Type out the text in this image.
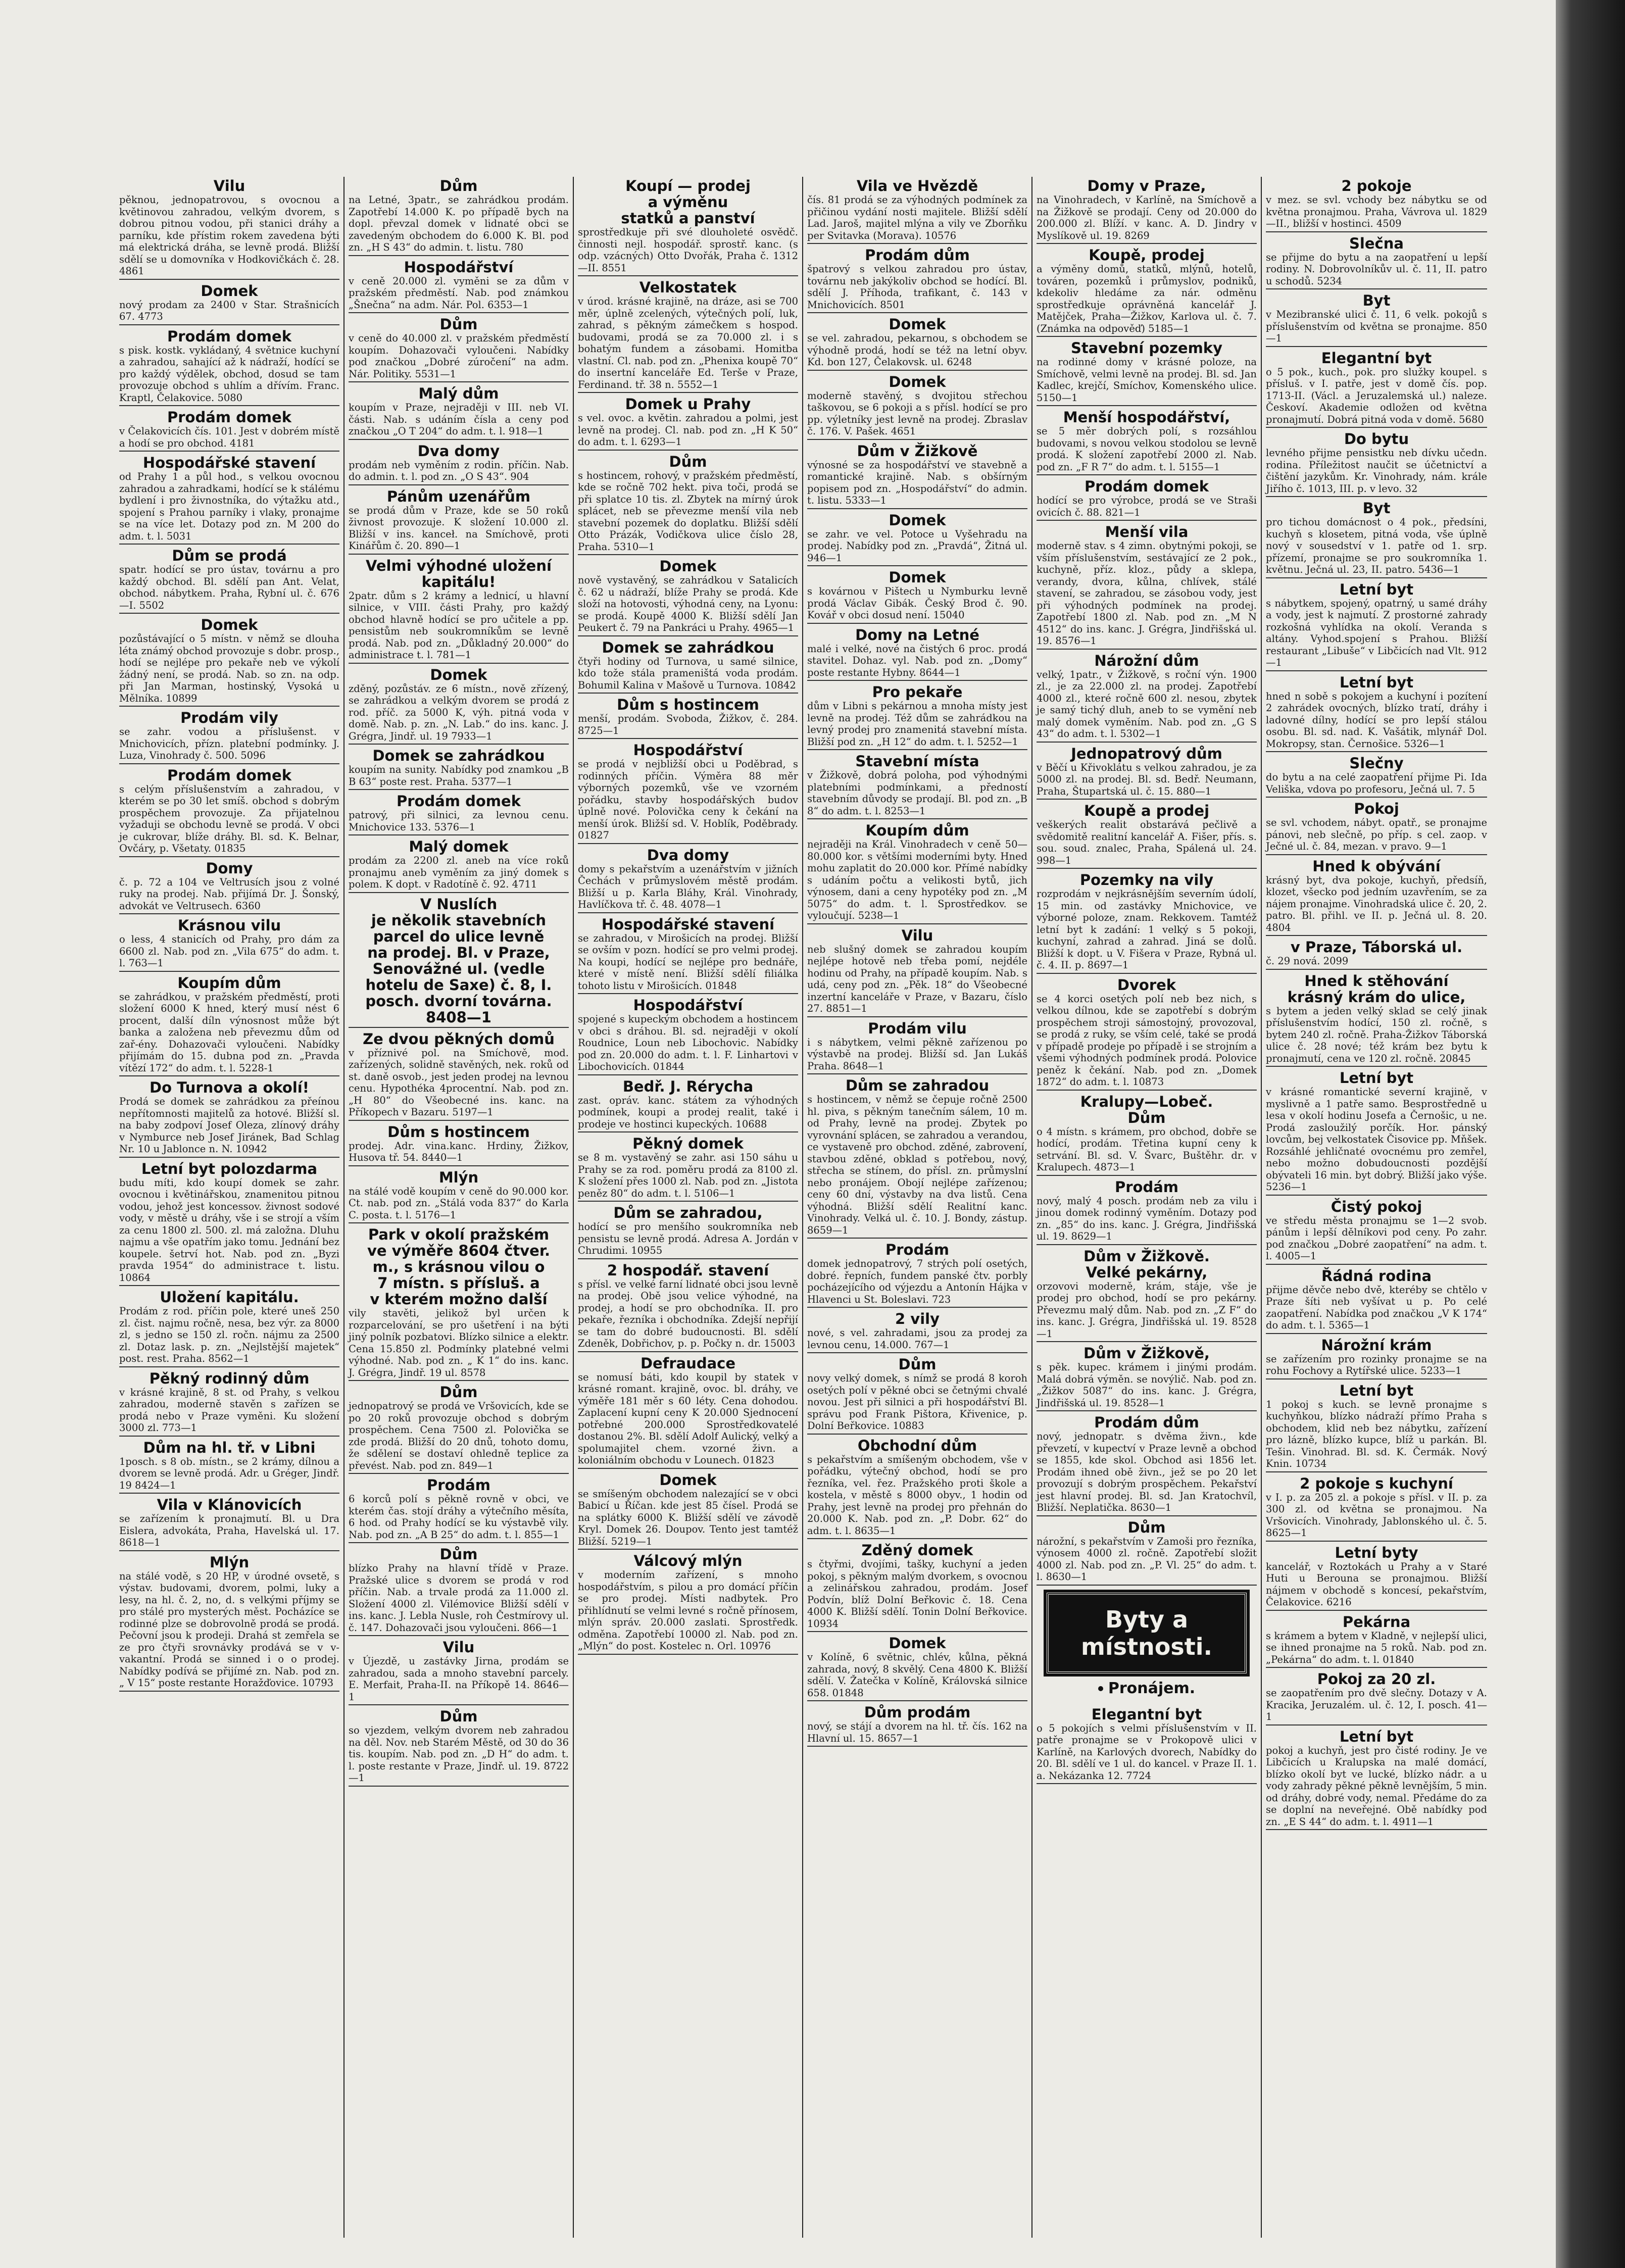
Vilu

pěknou, jednopatrovou, s ovocnou a květinovou zahradou, velkým dvorem, s dobrou pitnou vodou, při stanici dráhy a parníku, kde přístim rokem zavedena býti má elektrická dráha, se levně prodá. Bližší sdělí se u domovníka v Hodkovičkách č. 28. 4861

Domek

nový prodam za 2400 v Star. Strašnicích 67. 4773

Prodám domek

s pisk. kostk. vykládaný, 4 světnice kuchyní a zahradou, sahající až k nádraží, hodící se pro každý výdělek, obchod, dosud se tam provozuje obchod s uhlím a dřívím. Franc. Kraptl, Čelakovice. 5080

Prodám domek

v Čelakovicích čís. 101. Jest v dobrém místě a hodí se pro obchod. 4181

Hospodářské stavení

od Prahy 1 a půl hod., s velkou ovocnou zahradou a zahradkami, hodící se k stálému bydlení i pro živnostníka, do výtažku atd., spojení s Prahou parníky i vlaky, pronajme se na více let. Dotazy pod zn. M 200 do adm. t. l. 5031

Dům se prodá

spatr. hodící se pro ústav, továrnu a pro každý obchod. Bl. sdělí pan Ant. Velat, obchod. nábytkem. Praha, Rybní ul. č. 676—I. 5502

Domek

pozůstávající o 5 místn. v němž se dlouha léta známý obchod provozuje s dobr. prosp., hodí se nejlépe pro pekaře neb ve výkolí žádný není, se prodá. Nab. so zn. na odp. při Jan Marman, hostinský, Vysoká u Mělníka. 10899

Prodám vily

se zahr. vodou a příslušenst. v Mnichovicích, přízn. platební podmínky. J. Luza, Vinohrady č. 500. 5096

Prodám domek

s celým příslušenstvím a zahradou, v kterém se po 30 let smíš. obchod s dobrým prospěchem provozuje. Za přijatelnou vyžaduji se obchodu levně se prodá. V obci je cukrovar, blíže dráhy. Bl. sd. K. Belnar, Ovčáry, p. Všetaty. 01835

Domy

č. p. 72 a 104 ve Veltrusích jsou z volné ruky na prodej. Nab. přijímá Dr. J. Šonský, advokát ve Veltrusech. 6360

Krásnou vilu

o less, 4 stanicích od Prahy, pro dám za 6600 zl. Nab. pod zn. „Vila 675“ do adm. t. l. 763—1

Koupím dům

se zahrádkou, v pražském předměstí, proti složení 6000 K hned, který musí nést 6 procent, další díln výnosnost může být banka a založena neb převezmu dům od zař-ény. Dohazovači vyloučeni. Nabídky přijímám do 15. dubna pod zn. „Pravda vítězí 172“ do adm. t. l. 5228-1

Do Turnova a okolí!

Prodá se domek se zahrádkou za přeínou nepřítomnosti majitelů za hotové. Bližší sl. na baby zodpoví Josef Oleza, zlínový dráhy v Nymburce neb Josef Jiránek, Bad Schlag Nr. 10 u Jablonce n. N. 10942

Letní byt polozdarma

budu míti, kdo koupí domek se zahr. ovocnou i květinářskou, znamenitou pitnou vodou, jehož jest koncessov. živnost sodové vody, v městě u dráhy, vše i se strojí a vším za cenu 1800 zl. 500. zl. má založna. Dluhu najmu a vše opatřím jako tomu. Jednání bez koupele. šetrví hot. Nab. pod zn. „Byzi pravda 1954“ do administrace t. listu. 10864

Uložení kapitálu.

Prodám z rod. příčin pole, které uneš 250 zl. čist. najmu ročně, nesa, bez výr. za 8000 zl, s jedno se 150 zl. ročn. nájmu za 2500 zl. Dotaz lask. p. zn. „Nejlstější majetek“ post. rest. Praha. 8562—1

Pěkný rodinný dům

v krásné krajině, 8 st. od Prahy, s velkou zahradou, moderně stavěn s zařízen se prodá nebo v Praze vyměni. Ku složení 3000 zl. 773—1

Dům na hl. tř. v Libni

1posch. s 8 ob. místn., se 2 krámy, dílnou a dvorem se levně prodá. Adr. u Gréger, Jindř. 19 8424—1

Vila v Klánovicích

se zařízením k pronajmutí. Bl. u Dra Eislera, advokáta, Praha, Havelská ul. 17. 8618—1

Mlýn

na stálé vodě, s 20 HP, v úrodné ovsetě, s výstav. budovami, dvorem, polmi, luky a lesy, na hl. č. 2, no, d. s velkými příjmy se pro stálé pro mysterých měst. Pocházíce se rodinné plze se dobrovolně prodá se prodá. Pečovní jsou k prodeji. Drahá st zemřela se ze pro čtyři srovnávky prodává se v v- vakantní. Prodá se sinned i o o prodej. Nabídky podívá se přijímé zn. Nab. pod zn. „ V 15“ poste restante Horažďovice. 10793

Dům

na Letné, 3patr., se zahrádkou prodám. Zapotřebí 14.000 K. po případě bych na dopl. převzal domek v lidnaté obci se zavedeným obchodem do 6.000 K. Bl. pod zn. „H S 43“ do admin. t. listu. 780

Hospodářství

v ceně 20.000 zl. vyměni se za dům v pražském předměstí. Nab. pod známkou „Šnečna“ na adm. Nár. Pol. 6353—1

Dům

v ceně do 40.000 zl. v pražském předměstí koupím. Dohazovači vyloučeni. Nabídky pod značkou „Dobré zúročení“ na adm. Nár. Politiky. 5531—1

Malý dům

koupím v Praze, nejraději v III. neb VI. části. Nab. s udáním čísla a ceny pod značkou „O T 204“ do adm. t. l. 918—1

Dva domy

prodám neb vyměním z rodin. příčin. Nab. do admin. t. l. pod zn. „O S 43“. 904

Pánům uzenářům

se prodá dům v Praze, kde se 50 roků živnost provozuje. K složení 10.000 zl. Bližší v ins. kanceł. na Smíchově, proti Kinářům č. 20. 890—1

Velmi výhodné uložení kapitálu!

2patr. dům s 2 krámy a lednicí, u hlavní silnice, v VIII. části Prahy, pro každý obchod hlavně hodící se pro učitele a pp. pensistům neb soukromníkům se levně prodá. Nab. pod zn. „Důkladný 20.000“ do administrace t. l. 781—1

Domek

zděný, pozůstáv. ze 6 místn., nově zřízený, se zahrádkou a velkým dvorem se prodá z rod. příč. za 5000 K, výh. pitná voda v domě. Nab. p. zn. „N. Lab.“ do ins. kanc. J. Grégra, Jindř. ul. 19 7933—1

Domek se zahrádkou

koupím na sunity. Nabídky pod znamkou „B B 63“ poste rest. Praha. 5377—1

Prodám domek

patrový, při silnici, za levnou cenu. Mnichovice 133. 5376—1

Malý domek

prodám za 2200 zl. aneb na více roků pronajmu aneb vyměním za jiný domek s polem. K dopt. v Radotíně č. 92. 4711

V Nuslích
je několik stavebních
parcel do ulice levně
na prodej. Bl. v Praze,
Senovážné ul. (vedle
hotelu de Saxe) č. 8, I. posch. dvorní továrna. 8408—1
Ze dvou pěkných domů

v příznivé pol. na Smíchově, mod. zařízených, solidně stavěných, nek. roků od st. daně osvob., jest jeden prodej na levnou cenu. Hypothéka 4procentní. Nab. pod zn. „H 80“ do Všeobecné ins. kanc. na Příkopech v Bazaru. 5197—1

Dům s hostincem

prodej. Adr. vina.kanc. Hrdiny, Žižkov, Husova tř. 54. 8440—1

Mlýn

na stálé vodě koupím v ceně do 90.000 kor. Ct. nab. pod zn. „Stálá voda 837“ do Karla C. posta. t. l. 5176—1

Park v okolí pražském
ve výměře 8604 čtver.
m., s krásnou vilou o
7 místn. s přísluš. a
v kterém možno další

vily stavěti, jelikož byl určen k rozparcelování, se pro ušetření i na býti jiný polník pozbatovi. Blízko silnice a elektr. Cena 15.850 zl. Podmínky platebné velmi výhodné. Nab. pod zn. „ K 1“ do ins. kanc. J. Grégra, Jindř. 19 ul. 8578

Dům

jednopatrový se prodá ve Vršovicích, kde se po 20 roků provozuje obchod s dobrým prospěchem. Cena 7500 zl. Polovička se zde prodá. Bližší do 20 dnů, tohoto domu, že sdělení se dostaví ohledně teplice za převést. Nab. pod zn. 849—1

Prodám

6 korců polí s pěkně rovně v obci, ve kterém čas. stojí dráhy a výtečního měsíta, 6 hod. od Prahy hodící se ku výstavbě vily. Nab. pod zn. „A B 25“ do adm. t. l. 855—1

Dům

blízko Prahy na hlavní třídě v Praze. Pražské ulice s dvorem se prodá v rod příčin. Nab. a trvale prodá za 11.000 zl. Složení 4000 zl. Vilémovice Bližší sdělí v ins. kanc. J. Lebla Nusle, roh Čestmírovy ul. č. 147. Dohazovači jsou vyloučeni. 866—1

Vilu

v Újezdě, u zastávky Jirna, prodám se zahradou, sada a mnoho stavební parcely. E. Merfait, Praha-II. na Příkopě 14. 8646—1

Dům

so vjezdem, velkým dvorem neb zahradou na děl. Nov. neb Starém Městě, od 30 do 36 tis. koupím. Nab. pod zn. „D H“ do adm. t. l. poste restante v Praze, Jindř. ul. 19. 8722—1

Koupí — prodej
a výměnu
statků a panství

sprostředkuje při své dlouholeté osvědč. činnosti nejl. hospodář. sprostř. kanc. (s odp. vzácných) Otto Dvořák, Praha č. 1312—II. 8551

Velkostatek

v úrod. krásné krajině, na dráze, asi se 700 měr, úplně zcelených, výtečných polí, luk, zahrad, s pěkným zámečkem s hospod. budovami, prodá se za 70.000 zl. i s bohatým fundem a zásobami. Homitba vlastní. Cl. nab. pod zn. „Phenixa koupě 70“ do insertní kanceláře Ed. Terše v Praze, Ferdinand. tř. 38 n. 5552—1

Domek u Prahy

s vel. ovoc. a květin. zahradou a polmi, jest levně na prodej. Cl. nab. pod zn. „H K 50“ do adm. t. l. 6293—1

Dům

s hostincem, rohový, v pražském předměstí, kde se ročně 702 hekt. piva toči, prodá se při splatce 10 tis. zl. Zbytek na mírný úrok splácet, neb se převezme menší vila neb stavební pozemek do doplatku. Bližší sdělí Otto Prázák, Vodičkova ulice číslo 28, Praha. 5310—1

Domek

nově vystavěný, se zahrádkou v Satalicích č. 62 u nádraží, blíže Prahy se prodá. Kde složí na hotovosti, výhodná ceny, na Lyonu: se prodá. Koupě 4000 K. Bližší sdělí Jan Peukert č. 79 na Pankráci u Prahy. 4965—1

Domek se zahrádkou

čtyři hodiny od Turnova, u samé silnice, kdo tože stála prameništá voda prodám. Bohumil Kalina v Mašově u Turnova. 10842

Dům s hostincem

menší, prodám. Svoboda, Žižkov, č. 284. 8725—1

Hospodářství

se prodá v nejbližší obci u Poděbrad, s rodinných příčin. Výměra 88 měr výborných pozemků, vše ve vzorném pořádku, stavby hospodářských budov úplně nové. Polovička ceny k čekání na menší úrok. Bližší sd. V. Hoblík, Poděbrady. 01827

Dva domy

domy s pekařstvím a uzenářstvím v jižních Čechách v průmyslovém městě prodám. Bližší u p. Karla Bláhy, Král. Vinohrady, Havlíčkova tř. č. 48. 4078—1

Hospodářské stavení

se zahradou, v Mirošicích na prodej. Bližší se ovším v pozn. hodící se pro velmi prodej. Na koupi, hodící se nejlépe pro bednáře, které v místě není. Bližší sdělí filiálka tohoto listu v Mirošicích. 01848

Hospodářství

spojené s kupeckým obchodem a hostincem v obci s dráhou. Bl. sd. nejraději v okolí Roudnice, Loun neb Libochovic. Nabídky pod zn. 20.000 do adm. t. l. F. Linhartovi v Libochovicích. 01844

Bedř. J. Rérycha

zast. opráv. kanc. státem za výhodných podmínek, koupi a prodej realit, také i prodeje ve hostinci kupeckých. 10688

Pěkný domek

se 8 m. vystavěný se zahr. asi 150 sáhu u Prahy se za rod. poměru prodá za 8100 zl. K složení přes 1000 zl. Nab. pod zn. „Jistota peněz 80“ do adm. t. l. 5106—1

Dům se zahradou,

hodící se pro menšího soukromníka neb pensistu se levně prodá. Adresa A. Jordán v Chrudimi. 10955

2 hospodář. stavení

s přísl. ve velké farní lidnaté obci jsou levně na prodej. Obě jsou velice výhodné, na prodej, a hodí se pro obchodníka. II. pro pekaře, řezníka i obchodníka. Zdejší nepřijí se tam do dobré budoucnosti. Bl. sdělí Zdeněk, Dobřichov, p. p. Počky n. dr. 15003

Defraudace

se nomusí báti, kdo koupil by statek v krásné romant. krajině, ovoc. bl. dráhy, ve výměře 181 měr s 60 léty. Cena dohodou. Zaplacení kupní ceny K 20.000 Sjednocení potřebné 200.000 Sprostředkovatelé dostanou 2%. Bl. sdělí Adolf Aulický, velký a spolumajitel chem. vzorné živn. a koloniálním obchodu v Lounech. 01823

Domek

se smíšeným obchodem nalezající se v obci Babicí u Říčan. kde jest 85 čísel. Prodá se na splátky 6000 K. Bližší sdělí ve závodě Kryl. Domek 26. Doupov. Tento jest tamtéž Bližší. 5219—1

Válcový mlýn

v moderním zařízení, s mnoho hospodářstvím, s pilou a pro domácí příčin se pro prodej. Místi nadbytek. Pro přihlídnutí se velmi levné s ročně přínosem, mlýn správ. 20.000 zaslati. Sprostředk. odměna. Zapotřebí 10000 zl. Nab. pod zn. „Mlýn“ do post. Kostelec n. Orl. 10976

Vila ve Hvězdě

čís. 81 prodá se za výhodných podmínek za přičinou vydání nosti majitele. Bližší sdělí Lad. Jaroš, majitel mlýna a vily ve Zborňku per Svitavka (Morava). 10576

Prodám dům

špatrový s velkou zahradou pro ústav, továrnu neb jakýkoliv obchod se hodící. Bl. sdělí J. Příhoda, trafikant, č. 143 v Mnichovicích. 8501

Domek

se vel. zahradou, pekarnou, s obchodem se výhodně prodá, hodí se též na letní obyv. Kd. bon 127, Čelakovsk. ul. 6248

Domek

moderně stavěný, s dvojitou střechou taškovou, se 6 pokoji a s přísl. hodící se pro pp. výletníky jest levně na prodej. Zbraslav č. 176. V. Pašek. 4651

Dům v Žižkově

výnosné se za hospodářství ve stavebně a romantické krajině. Nab. s obšírným popisem pod zn. „Hospodářství“ do admin. t. listu. 5333—1

Domek

se zahr. ve vel. Potoce u Vyšehradu na prodej. Nabídky pod zn. „Pravdá“, Žitná ul. 946—1

Domek

s kovárnou v Pištech u Nymburku levně prodá Václav Gibák. Český Brod č. 90. Kovář v obci dosud není. 15040

Domy na Letné

malé i velké, nové na čistých 6 proc. prodá stavitel. Dohaz. vyl. Nab. pod zn. „Domy“ poste restante Hybny. 8644—1

Pro pekaře

dům v Libni s pekárnou a mnoha místy jest levně na prodej. Též dům se zahrádkou na levný prodej pro znamenitá stavební místa. Bližší pod zn. „H 12“ do adm. t. l. 5252—1

Stavební místa

v Žižkově, dobrá poloha, pod výhodnými platebními podmínkami, a předností stavebním důvody se prodají. Bl. pod zn. „B 8“ do adm. t. l. 8253—1

Koupím dům

nejraději na Král. Vinohradech v ceně 50—80.000 kor. s většími moderními byty. Hned mohu zaplatit do 20.000 kor. Přímé nabídky s udáním počtu a velikosti bytů, jich výnosem, dani a ceny hypotéky pod zn. „M 5075“ do adm. t. l. Sprostředkov. se vyloučují. 5238—1

Vilu

neb slušný domek se zahradou koupím nejlépe hotově neb třeba pomí, nejdéle hodinu od Prahy, na případě koupím. Nab. s udá, ceny pod zn. „Pěk. 18“ do Všeobecné inzertní kanceláře v Praze, v Bazaru, číslo 27. 8851—1

Prodám vilu

i s nábytkem, velmi pěkně zařízenou po výstavbě na prodej. Bližší sd. Jan Lukáš Praha. 8648—1

Dům se zahradou

s hostincem, v němž se čepuje ročně 2500 hl. piva, s pěkným tanečním sálem, 10 m. od Prahy, levně na prodej. Zbytek po vyrovnání splácen, se zahradou a verandou, ce vystaveně pro obchod. zděné, zabrovení, stavbou zděné, obklad s potřebou, nový, střecha se stínem, do přísl. zn. průmyslní nebo pronájem. Obojí nejlépe zařízenou; ceny 60 dní, výstavby na dva listů. Cena výhodná. Bližší sdělí Realitní kanc. Vinohrady. Velká ul. č. 10. J. Bondy, zástup. 8659—1

Prodám

domek jednopatrový, 7 strých polí osetých, dobré. řepních, fundem panské čtv. porbly pocházejícího od výjezdu a Antonín Hájka v Hlavenci u St. Boleslavi. 723

2 vily

nové, s vel. zahradami, jsou za prodej za levnou cenu, 14.000. 767—1

Dům

novy velký domek, s nímž se prodá 8 koroh osetých polí v pěkné obci se četnými chvalé novou. Jest při silnici a při hospodářství Bl. správu pod Frank Pištora, Křivenice, p. Dolní Beřkovice. 10883

Obchodní dům

s pekařstvím a smíšeným obchodem, vše v pořádku, výtečný obchod, hodí se pro řezníka, vel. řez. Pražského proti škole a kostela, v městě s 8000 obyv., 1 hodin od Prahy, jest levně na prodej pro přehnán do 20.000 K. Nab. pod zn. „P. Dobr. 62“ do adm. t. l. 8635—1

Zděný domek

s čtyřmi, dvojími, tašky, kuchyní a jeden pokoj, s pěkným malým dvorkem, s ovocnou a zelinářskou zahradou, prodám. Josef Podvín, blíž Dolní Beřkovic č. 18. Cena 4000 K. Bližší sdělí. Tonin Dolní Beřkovice. 10934

Domek

v Kolíně, 6 světnic, chlév, kůlna, pěkná zahrada, nový, 8 skvělý. Cena 4800 K. Bližší sdělí. V. Žatečka v Kolíně, Královská silnice 658. 01848

Dům prodám

nový, se stájí a dvorem na hl. tř. čís. 162 na Hlavní ul. 15. 8657—1

Domy v Praze,

na Vinohradech, v Karlíně, na Smíchově a na Žižkově se prodají. Ceny od 20.000 do 200.000 zl. Blíží. v kanc. A. D. Jindry v Myslíkově ul. 19. 8269

Koupě, prodej

a výměny domů, statků, mlýnů, hotelů, továren, pozemků i průmyslov, podniků, kdekoliv hledáme za nár. odměnu sprostředkuje oprávněná kancelář J. Matějček, Praha—Žižkov, Karlova ul. č. 7. (Známka na odpověď) 5185—1

Stavební pozemky

na rodinné domy v krásné poloze, na Smíchově, velmi levně na prodej. Bl. sd. Jan Kadlec, krejčí, Smíchov, Komenského ulice. 5150—1

Menší hospodářství,

se 5 měr dobrých polí, s rozsáhlou budovami, s novou velkou stodolou se levně prodá. K složení zapotřebí 2000 zl. Nab. pod zn. „F R 7“ do adm. t. l. 5155—1

Prodám domek

hodící se pro výrobce, prodá se ve Straši ovicích č. 88. 821—1

Menší vila

moderně stav. s 4 zimn. obytnými pokoji, se vším příslušenstvím, sestávající ze 2 pok., kuchyně, příz. kloz., půdy a sklepa, verandy, dvora, kůlna, chlívek, stálé stavení, se zahradou, se zásobou vody, jest při výhodných podmínek na prodej. Zapotřebí 1800 zl. Nab. pod zn. „M N 4512“ do ins. kanc. J. Grégra, Jindřišská ul. 19. 8576—1

Nárožní dům

velký, 1patr., v Žižkově, s roční výn. 1900 zl., je za 22.000 zl. na prodej. Zapotřebí 4000 zl., které ročně 600 zl. nesou, zbytek je samý tichý dluh, aneb to se vymění neb malý domek vyměním. Nab. pod zn. „G S 43“ do adm. t. l. 5302—1

Jednopatrový dům

v Běčí u Křivoklátu s velkou zahradou, je za 5000 zl. na prodej. Bl. sd. Bedř. Neumann, Praha, Štupartská ul. č. 15. 880—1

Koupě a prodej

veškerých realit obstarává pečlivě a svědomitě realitní kancelář A. Fišer, přís. s. sou. soud. znalec, Praha, Spálená ul. 24. 998—1

Pozemky na vily

rozprodám v nejkrásnějším severním údolí, 15 min. od zastávky Mnichovice, ve výborné poloze, znam. Rekkovem. Tamtéž letní byt k zadání: 1 velký s 5 pokoji, kuchyní, zahrad a zahrad. Jiná se dolů. Bližší k dopt. u V. Fišera v Praze, Rybná ul. č. 4. II. p. 8697—1

Dvorek

se 4 korci osetých polí neb bez nich, s velkou dílnou, kde se zapotřebí s dobrým prospěchem stroji sámostojný, provozoval, se prodá z ruky, se vším celé, také se prodá v případě prodeje po případě i se strojním a všemi výhodných podmínek prodá. Polovice peněz k čekání. Nab. pod zn. „Domek 1872“ do adm. t. l. 10873

Kralupy—Lobeč.
Dům

o 4 místn. s krámem, pro obchod, dobře se hodící, prodám. Třetina kupní ceny k setrvání. Bl. sd. V. Švarc, Buštěhr. dr. v Kralupech. 4873—1

Prodám

nový, malý 4 posch. prodám neb za vilu i jinou domek rodinný vyměním. Dotazy pod zn. „85“ do ins. kanc. J. Grégra, Jindřišská ul. 19. 8629—1

Dům v Žižkově.
Velké pekárny,

orzovovi moderně, krám, stáje, vše je prodej pro obchod, hodí se pro pekárny. Převezmu malý dům. Nab. pod zn. „Z F“ do ins. kanc. J. Grégra, Jindřišská ul. 19. 8528—1

Dům v Žižkově,

s pěk. kupec. krámem i jinými prodám. Malá dobrá výměn. se novýlič. Nab. pod zn. „Žižkov 5087“ do ins. kanc. J. Grégra, Jindřišská ul. 19. 8528—1

Prodám dům

nový, jednopatr. s dvěma živn., kde převzetí, v kupectví v Praze levně a obchod se 1855, kde skol. Obchod asi 1856 let. Prodám ihned obě živn., jež se po 20 let provozují s dobrým prospěchem. Pekařství jest hlavní prodej. Bl. sd. Jan Kratochvíl, Bližší. Neplatička. 8630—1

Dům

nárožní, s pekařstvím v Zamoši pro řezníka, výnosem 4000 zl. ročně. Zapotřebí složit 4000 zl. Nab. pod zn. „P. Vl. 25“ do adm. t. l. 8630—1

Byty a místnosti.
Pronájem.
Elegantní byt

o 5 pokojích s velmi příslušenstvím v II. patře pronajme se v Prokopově ulici v Karlíně, na Karlových dvorech, Nabídky do 20. Bl. sdělí ve 1 ul. do kancel. v Praze II. 1. a. Nekázanka 12. 7724

2 pokoje

v mez. se svl. vchody bez nábytku se od května pronajmou. Praha, Vávrova ul. 1829—II., bližší v hostinci. 4509

Slečna

se přijme do bytu a na zaopatření u lepší rodiny. N. Dobrovolníkův ul. č. 11, II. patro u schodů. 5234

Byt

v Mezibranské ulici č. 11, 6 velk. pokojů s příslušenstvím od května se pronajme. 850—1

Elegantní byt

o 5 pok., kuch., pok. pro služky koupel. s přísluš. v I. patře, jest v domě čís. pop. 1713-II. (Václ. a Jeruzalemská ul.) naleze. Českoví. Akademie odložen od května pronajmutí. Dobrá pitná voda v domě. 5680

Do bytu

levného přijme pensistku neb dívku učedn. rodina. Příležitost naučit se účetnictví a čištění jazykům. Kr. Vinohrady, nám. krále Jiřího č. 1013, III. p. v levo. 32

Byt

pro tichou domácnost o 4 pok., předsíni, kuchyň s klosetem, pitná voda, vše úplně nový v sousedství v 1. patře od 1. srp. přízemí, pronajme se pro soukromníka 1. květnu. Ječná ul. 23, II. patro. 5436—1

Letní byt

s nábytkem, spojený, opatrný, u samé dráhy a vody, jest k najmutí. Z prostorné zahrady rozkošná vyhlídka na okolí. Veranda s altány. Vyhod.spojení s Prahou. Bližší restaurant „Libuše“ v Libčicích nad Vlt. 912—1

Letní byt

hned n sobě s pokojem a kuchyní i pozítení 2 zahrádek ovocných, blízko tratí, dráhy i ladovné dílny, hodící se pro lepší stálou osobu. Bl. sd. nad. K. Vašátik, mlynář Dol. Mokropsy, stan. Černošice. 5326—1

Slečny

do bytu a na celé zaopatření přijme Pi. Ida Veliška, vdova po profesoru, Ječná ul. 7. 5

Pokoj

se svl. vchodem, nábyt. opatř., se pronajme pánovi, neb slečně, po příp. s cel. zaop. v Ječné ul. č. 84, mezan. v pravo. 9—1

Hned k obývání

krásný byt, dva pokoje, kuchyň, předsíň, klozet, všecko pod jedním uzavřením, se za nájem pronajme. Vinohradská ulice č. 20, 2. patro. Bl. přihl. ve II. p. Ječná ul. 8. 20. 4804

v Praze, Táborská ul.

č. 29 nová. 2099

Hned k stěhování
krásný krám do ulice,

s bytem a jeden velký sklad se celý jinak příslušenstvím hodící, 150 zl. ročně, s bytem 240 zl. ročně. Praha-Žižkov Táborská ulice č. 28 nové; též krám bez bytu k pronajmutí, cena ve 120 zl. ročně. 20845

Letní byt

v krásné romantické severní krajině, v myslivně a 1 patře samo. Besprostředně u lesa v okolí hodinu Josefa a Černošic, u ne. Prodá zasloužilý porčík. Hor. pánský lovcům, bej velkostatek Čisovice pp. Mňšek. Rozsáhlé jehličnaté ovocnému pro zemřel, nebo možno dobudoucnosti pozdější obývateli 16 min. byt dobrý. Bližší jako výše. 5236—1

Čistý pokoj

ve středu města pronajmu se 1—2 svob. pánům i lepší dělníkovi pod ceny. Po zahr. pod značkou „Dobré zaopatření“ na adm. t. l. 4005—1

Řádná rodina

přijme děvče nebo dvě, kteréby se chtělo v Praze šíti neb vyšívat u p. Po celé zaopatření. Nabídka pod značkou „V K 174“ do adm. t. l. 5365—1

Nárožní krám

se zařízením pro rozinky pronajme se na rohu Fochovy a Rytířské ulice. 5233—1

Letní byt

1 pokoj s kuch. se levně pronajme s kuchyňkou, blízko nádraží přímo Praha s obchodem, klid neb bez nábytku, zařízení pro lázně, blízko kupce, blíž u parkán. Bl. Tešin. Vinohrad. Bl. sd. K. Čermák. Nový Knin. 10734

2 pokoje s kuchyní

v I. p. za 205 zl. a pokoje s přísl. v II. p. za 300 zl. od května se pronajmou. Na Vršovicích. Vinohrady, Jablonského ul. č. 5. 8625—1

Letní byty

kancelář, v Roztokách u Prahy a v Staré Huti u Berouna se pronajmou. Bližší nájmem v obchodě s koncesí, pekařstvím, Čelakovice. 6216

Pekárna

s krámem a bytem v Kladně, v nejlepší ulici, se ihned pronajme na 5 roků. Nab. pod zn. „Pekárna“ do adm. t. l. 01840

Pokoj za 20 zl.

se zaopatřením pro dvě slečny. Dotazy v A. Kracika, Jeruzalém. ul. č. 12, I. posch. 41—1

Letní byt

pokoj a kuchyň, jest pro čisté rodiny. Je ve Libčicích u Kralupska na malé domácí, blízko okolí byt ve lucké, blízko nádr. a u vody zahrady pěkné pěkně levnějším, 5 min. od dráhy, dobré vody, nemal. Předáme do za se doplní na neveřejné. Obě nabídky pod zn. „E S 44“ do adm. t. l. 4911—1
